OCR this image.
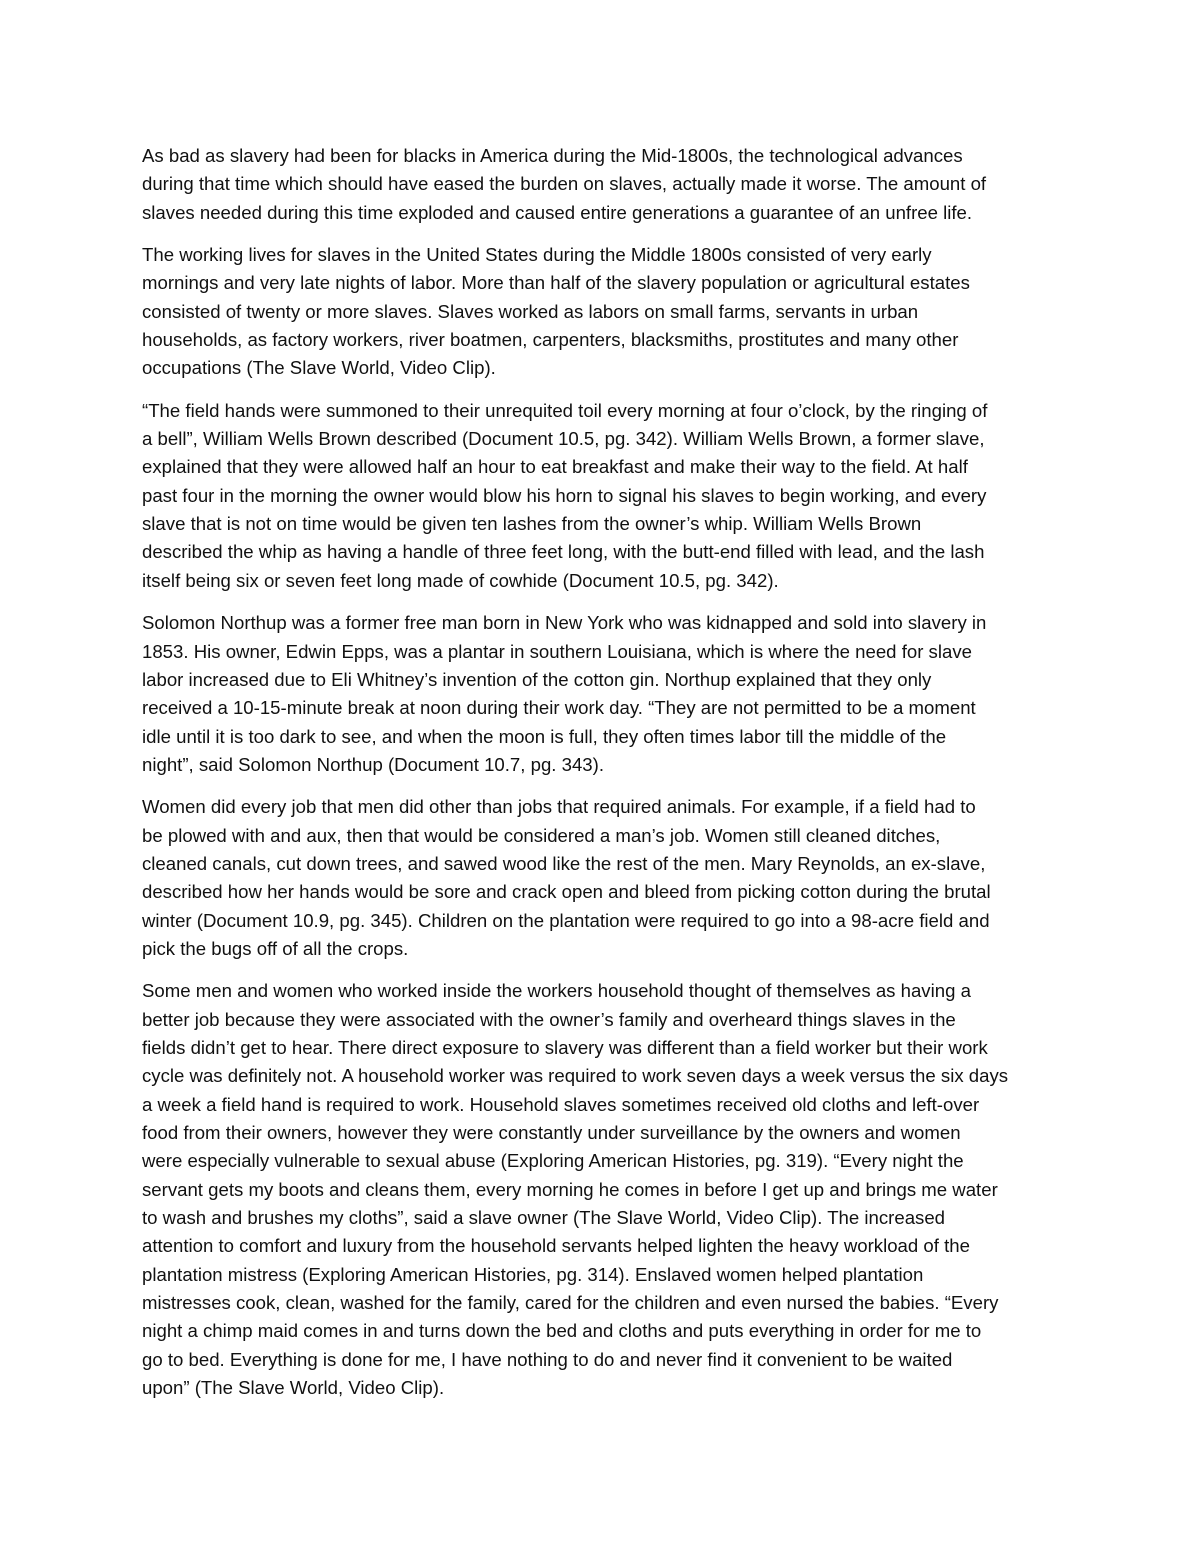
As bad as slavery had been for blacks in America during the Mid-1800s, the technological advances
during that time which should have eased the burden on slaves, actually made it worse. The amount of
slaves needed during this time exploded and caused entire generations a guarantee of an unfree life.

The working lives for slaves in the United States during the Middle 1800s consisted of very early
mornings and very late nights of labor. More than half of the slavery population or agricultural estates
consisted of twenty or more slaves. Slaves worked as labors on small farms, servants in urban
households, as factory workers, river boatmen, carpenters, blacksmiths, prostitutes and many other
occupations (The Slave World, Video Clip).

“The field hands were summoned to their unrequited toil every morning at four o’clock, by the ringing of
a bell”, William Wells Brown described (Document 10.5, pg. 342). William Wells Brown, a former slave,
explained that they were allowed half an hour to eat breakfast and make their way to the field. At half
past four in the morning the owner would blow his horn to signal his slaves to begin working, and every
slave that is not on time would be given ten lashes from the owner’s whip. William Wells Brown
described the whip as having a handle of three feet long, with the butt-end filled with lead, and the lash
itself being six or seven feet long made of cowhide (Document 10.5, pg. 342).

Solomon Northup was a former free man born in New York who was kidnapped and sold into slavery in
1853. His owner, Edwin Epps, was a plantar in southern Louisiana, which is where the need for slave
labor increased due to Eli Whitney’s invention of the cotton gin. Northup explained that they only
received a 10-15-minute break at noon during their work day. “They are not permitted to be a moment
idle until it is too dark to see, and when the moon is full, they often times labor till the middle of the
night”, said Solomon Northup (Document 10.7, pg. 343).

Women did every job that men did other than jobs that required animals. For example, if a field had to
be plowed with and aux, then that would be considered a man’s job. Women still cleaned ditches,
cleaned canals, cut down trees, and sawed wood like the rest of the men. Mary Reynolds, an ex-slave,
described how her hands would be sore and crack open and bleed from picking cotton during the brutal
winter (Document 10.9, pg. 345). Children on the plantation were required to go into a 98-acre field and
pick the bugs off of all the crops.

Some men and women who worked inside the workers household thought of themselves as having a
better job because they were associated with the owner’s family and overheard things slaves in the
fields didn’t get to hear. There direct exposure to slavery was different than a field worker but their work
cycle was definitely not. A household worker was required to work seven days a week versus the six days
a week a field hand is required to work. Household slaves sometimes received old cloths and left-over
food from their owners, however they were constantly under surveillance by the owners and women
were especially vulnerable to sexual abuse (Exploring American Histories, pg. 319). “Every night the
servant gets my boots and cleans them, every morning he comes in before I get up and brings me water
to wash and brushes my cloths”, said a slave owner (The Slave World, Video Clip). The increased
attention to comfort and luxury from the household servants helped lighten the heavy workload of the
plantation mistress (Exploring American Histories, pg. 314). Enslaved women helped plantation
mistresses cook, clean, washed for the family, cared for the children and even nursed the babies. “Every
night a chimp maid comes in and turns down the bed and cloths and puts everything in order for me to
go to bed. Everything is done for me, I have nothing to do and never find it convenient to be waited
upon” (The Slave World, Video Clip).
